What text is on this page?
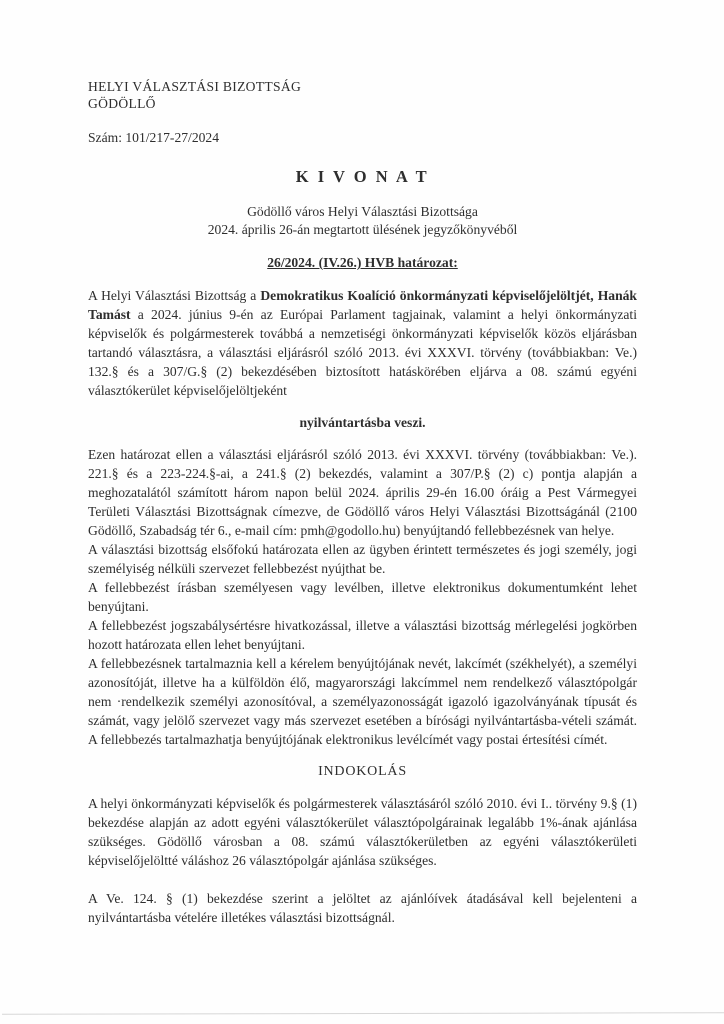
HELYI VÁLASZTÁSI BIZOTTSÁG
GÖDÖLLŐ
Szám: 101/217-27/2024
K I V O N A T
Gödöllő város Helyi Választási Bizottsága
2024. április 26-án megtartott ülésének jegyzőkönyvéből
26/2024. (IV.26.) HVB határozat:

A Helyi Választási Bizottság a Demokratikus Koalíció önkormányzati képviselőjelöltjét, Hanák Tamást a 2024. június 9-én az Európai Parlament tagjainak, valamint a helyi önkormányzati képviselők és polgármesterek továbbá a nemzetiségi önkormányzati képviselők közös eljárásban tartandó választásra, a választási eljárásról szóló 2013. évi XXXVI. törvény (továbbiakban: Ve.) 132.§ és a 307/G.§ (2) bekezdésében biztosított hatáskörében eljárva a 08. számú egyéni választókerület képviselőjelöltjeként

nyilvántartásba veszi.

Ezen határozat ellen a választási eljárásról szóló 2013. évi XXXVI. törvény (továbbiakban: Ve.). 221.§ és a 223-224.§-ai, a 241.§ (2) bekezdés, valamint a 307/P.§ (2) c) pontja alapján a meghozatalától számított három napon belül 2024. április 29-én 16.00 óráig a Pest Vármegyei Területi Választási Bizottságnak címezve, de Gödöllő város Helyi Választási Bizottságánál (2100 Gödöllő, Szabadság tér 6., e-mail cím: pmh@godollo.hu) benyújtandó fellebbezésnek van helye.

A választási bizottság elsőfokú határozata ellen az ügyben érintett természetes és jogi személy, jogi személyiség nélküli szervezet fellebbezést nyújthat be.

A fellebbezést írásban személyesen vagy levélben, illetve elektronikus dokumentumként lehet benyújtani.

A fellebbezést jogszabálysértésre hivatkozással, illetve a választási bizottság mérlegelési jogkörben hozott határozata ellen lehet benyújtani.

A fellebbezésnek tartalmaznia kell a kérelem benyújtójának nevét, lakcímét (székhelyét), a személyi azonosítóját, illetve ha a külföldön élő, magyarországi lakcímmel nem rendelkező választópolgár nem ·rendelkezik személyi azonosítóval, a személyazonosságát igazoló igazolványának típusát és számát, vagy jelölő szervezet vagy más szervezet esetében a bírósági nyilvántartásba-vételi számát. A fellebbezés tartalmazhatja benyújtójának elektronikus levélcímét vagy postai értesítési címét.

INDOKOLÁS

A helyi önkormányzati képviselők és polgármesterek választásáról szóló 2010. évi I.. törvény 9.§ (1) bekezdése alapján az adott egyéni választókerület választópolgárainak legalább 1%-ának ajánlása szükséges. Gödöllő városban a 08. számú választókerületben az egyéni választókerületi képviselőjelöltté váláshoz 26 választópolgár ajánlása szükséges.

A Ve. 124. § (1) bekezdése szerint a jelöltet az ajánlóívek átadásával kell bejelenteni a nyilvántartásba vételére illetékes választási bizottságnál.
